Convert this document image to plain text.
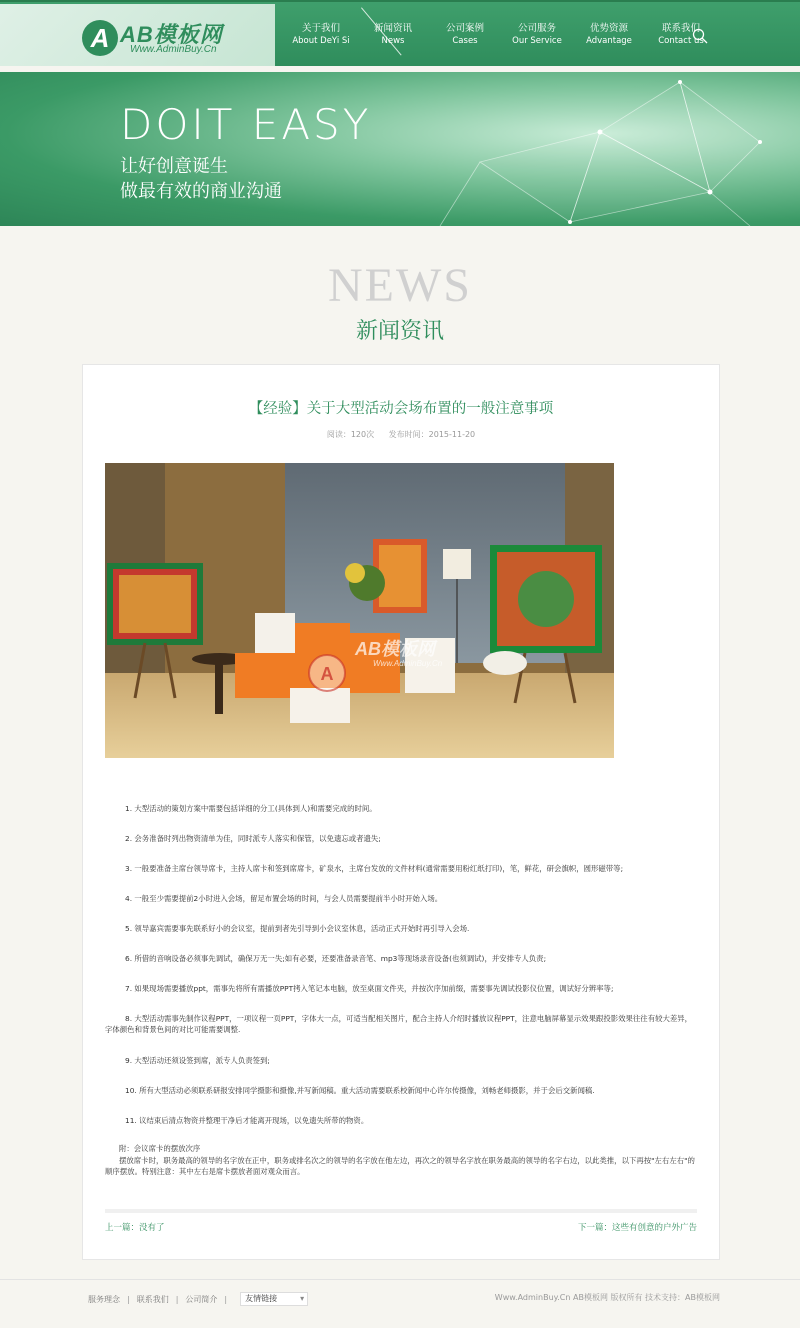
A AB模板网
Www.AdminBuy.Cn
关于我们
About DeYi Si
新闻资讯
News
公司案例
Cases
公司服务
Our Service
优势资源
Advantage
联系我们
Contact us
DOIT EASY
让好创意诞生
做最有效的商业沟通
NEWS
新闻资讯
【经验】关于大型活动会场布置的一般注意事项
阅读：120次 发布时间：2015-11-20
A
AB模板网
Www.AdminBuy.Cn

1. 大型活动的策划方案中需要包括详细的分工(具体到人)和需要完成的时间。

2. 会务准备时列出物资清单为佳，同时派专人落实和保管，以免遗忘或者遗失;

3. 一般要准备主席台领导席卡，主持人席卡和签到席席卡，矿泉水，主席台发放的文件材料(通常需要用粉红纸打印)，笔，鲜花，研会旗帜，圆形磁带等;

4. 一般至少需要提前2小时进入会场，留足布置会场的时间，与会人员需要提前半小时开始入场。

5. 领导嘉宾需要事先联系好小的会议室，提前到者先引导到小会议室休息，活动正式开始时再引导入会场.

6. 所借的音响设备必须事先调试，确保万无一失;如有必要，还要准备录音笔、mp3等现场录音设备(也须调试)，并安排专人负责;

7. 如果现场需要播放ppt，需事先将所有需播放PPT拷入笔记本电脑，放至桌面文件夹，并按次序加前缀，需要事先调试投影仪位置，调试好分辨率等;

8. 大型活动需事先制作议程PPT，一项议程一页PPT，字体大一点，可适当配相关图片，配合主持人介绍时播放议程PPT，注意电脑屏幕显示效果跟投影效果往往有较大差异，字体颜色和背景色间的对比可能需要调整.

9. 大型活动还须设签到席，派专人负责签到;

10. 所有大型活动必须联系研报安排同学摄影和摄像,并写新闻稿。重大活动需要联系校新闻中心许尔传摄像，刘畅老师摄影，并于会后交新闻稿.

11. 议结束后清点物资并整理干净后才能离开现场，以免遗失所带的物资。

附：会议席卡的摆放次序

摆放席卡时，职务最高的领导的名字放在正中，职务或排名次之的领导的名字放在他左边，再次之的领导名字放在职务最高的领导的名字右边，以此类推，以下再按"左右左右"的顺序摆放。特别注意：其中左右是席卡摆放者面对观众而言。

上一篇：没有了	下一篇：这些有创意的户外广告
服务理念 | 联系我们 | 公司简介 |	友情链接 ▾	Www.AdminBuy.Cn AB模板网 版权所有 技术支持：AB模板网
